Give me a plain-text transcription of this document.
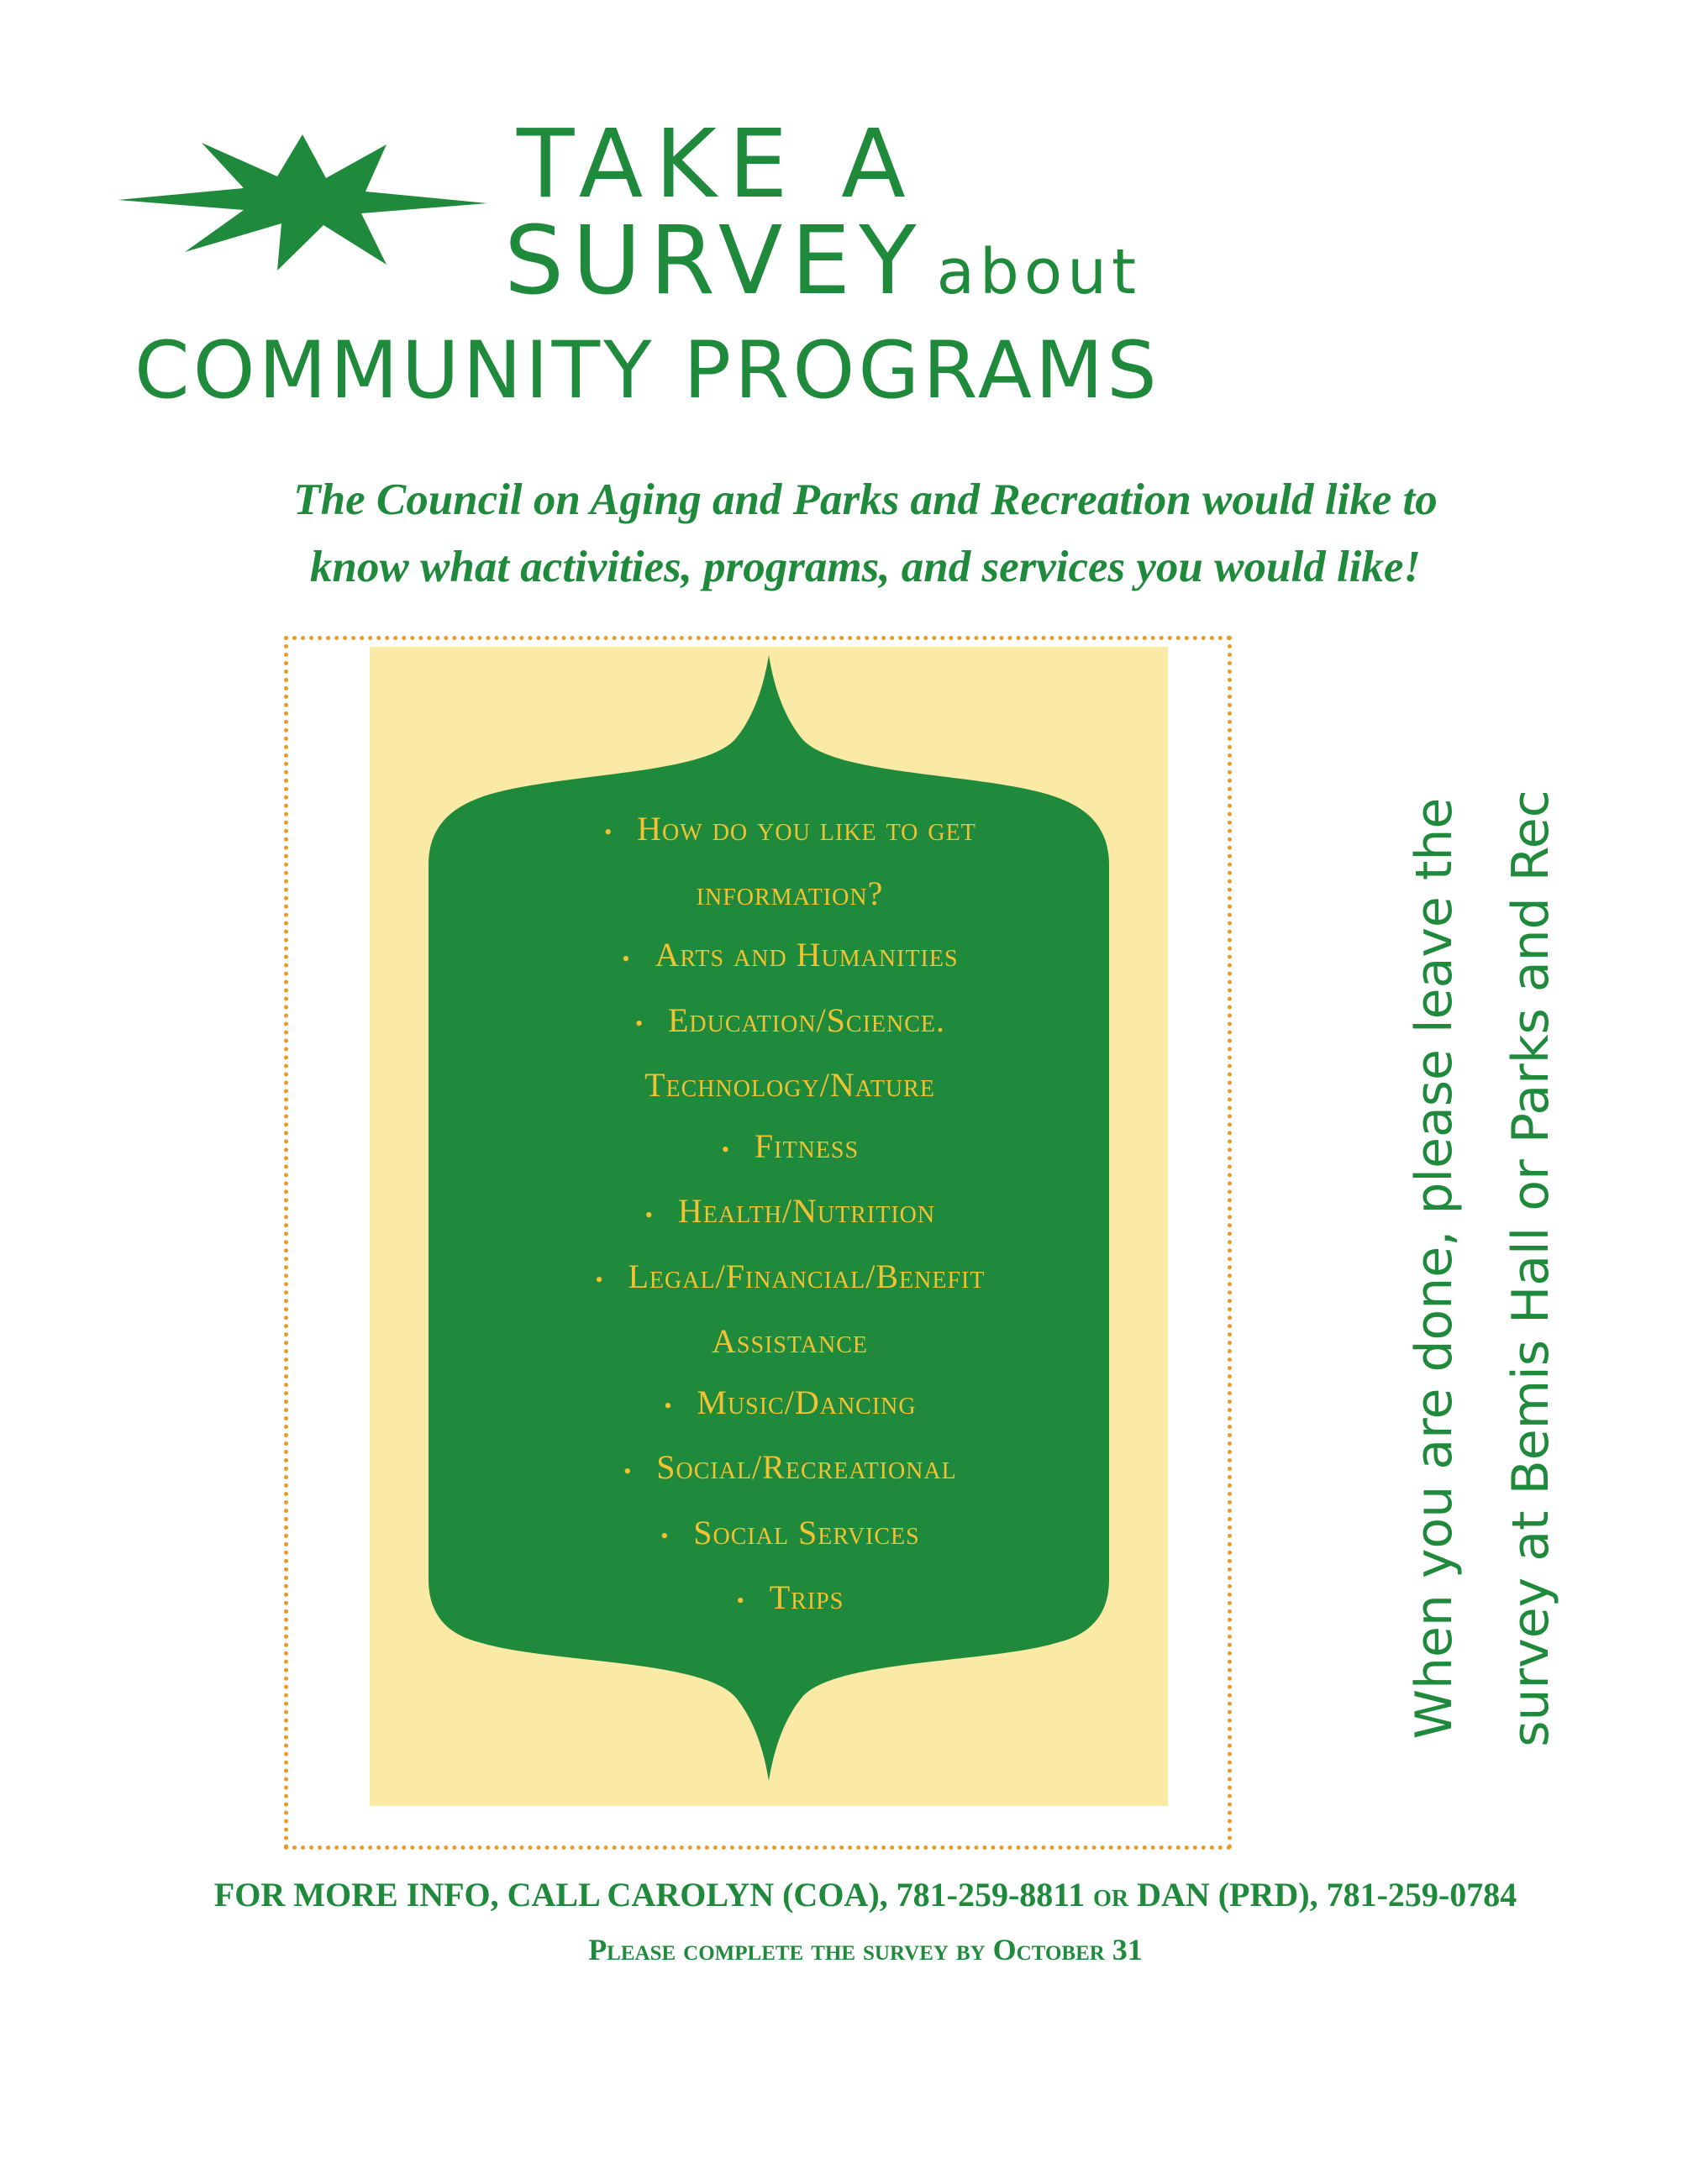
TAKE A
SURVEY about
COMMUNITY PROGRAMS
The Council on Aging and Parks and Recreation would like to
know what activities, programs, and services you would like!
• How do you like to get
information?
• Arts and Humanities
• Education/Science.
Technology/Nature
• Fitness
• Health/Nutrition
• Legal/Financial/Benefit
Assistance
• Music/Dancing
• Social/Recreational
• Social Services
• Trips	When you are done, please leave the survey at Bemis Hall or Parks and Rec
FOR MORE INFO, CALL CAROLYN (COA), 781-259-8811 or DAN (PRD), 781-259-0784
Please complete the survey by October 31
